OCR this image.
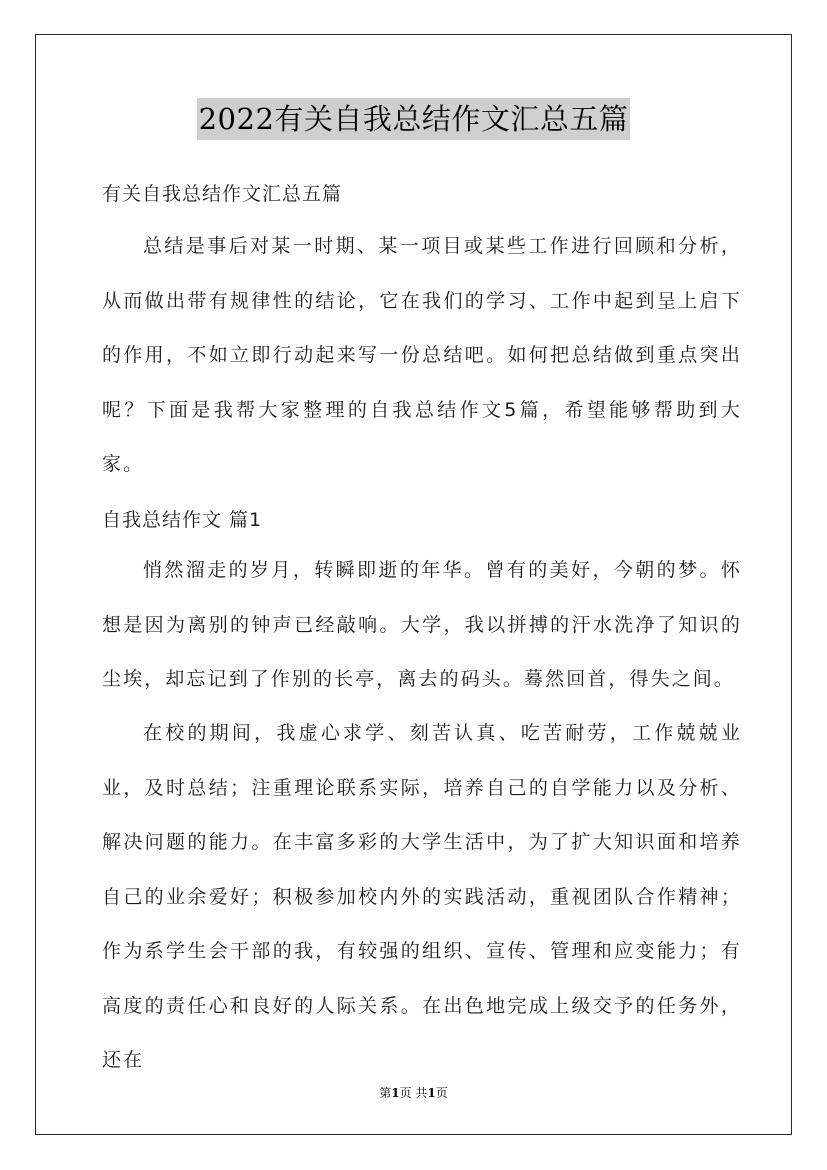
2022有关自我总结作文汇总五篇

有关自我总结作文汇总五篇

总结是事后对某一时期、某一项目或某些工作进行回顾和分析，从而做出带有规律性的结论，它在我们的学习、工作中起到呈上启下的作用，不如立即行动起来写一份总结吧。如何把总结做到重点突出呢？下面是我帮大家整理的自我总结作文5篇，希望能够帮助到大家。

自我总结作文 篇1

悄然溜走的岁月，转瞬即逝的年华。曾有的美好，今朝的梦。怀想是因为离别的钟声已经敲响。大学，我以拼搏的汗水洗净了知识的尘埃，却忘记到了作别的长亭，离去的码头。蓦然回首，得失之间。

在校的期间，我虚心求学、刻苦认真、吃苦耐劳，工作兢兢业业，及时总结；注重理论联系实际，培养自己的自学能力以及分析、解决问题的能力。在丰富多彩的大学生活中，为了扩大知识面和培养自己的业余爱好；积极参加校内外的实践活动，重视团队合作精神；作为系学生会干部的我，有较强的组织、宣传、管理和应变能力；有高度的责任心和良好的人际关系。在出色地完成上级交予的任务外，还在

第1页 共1页
